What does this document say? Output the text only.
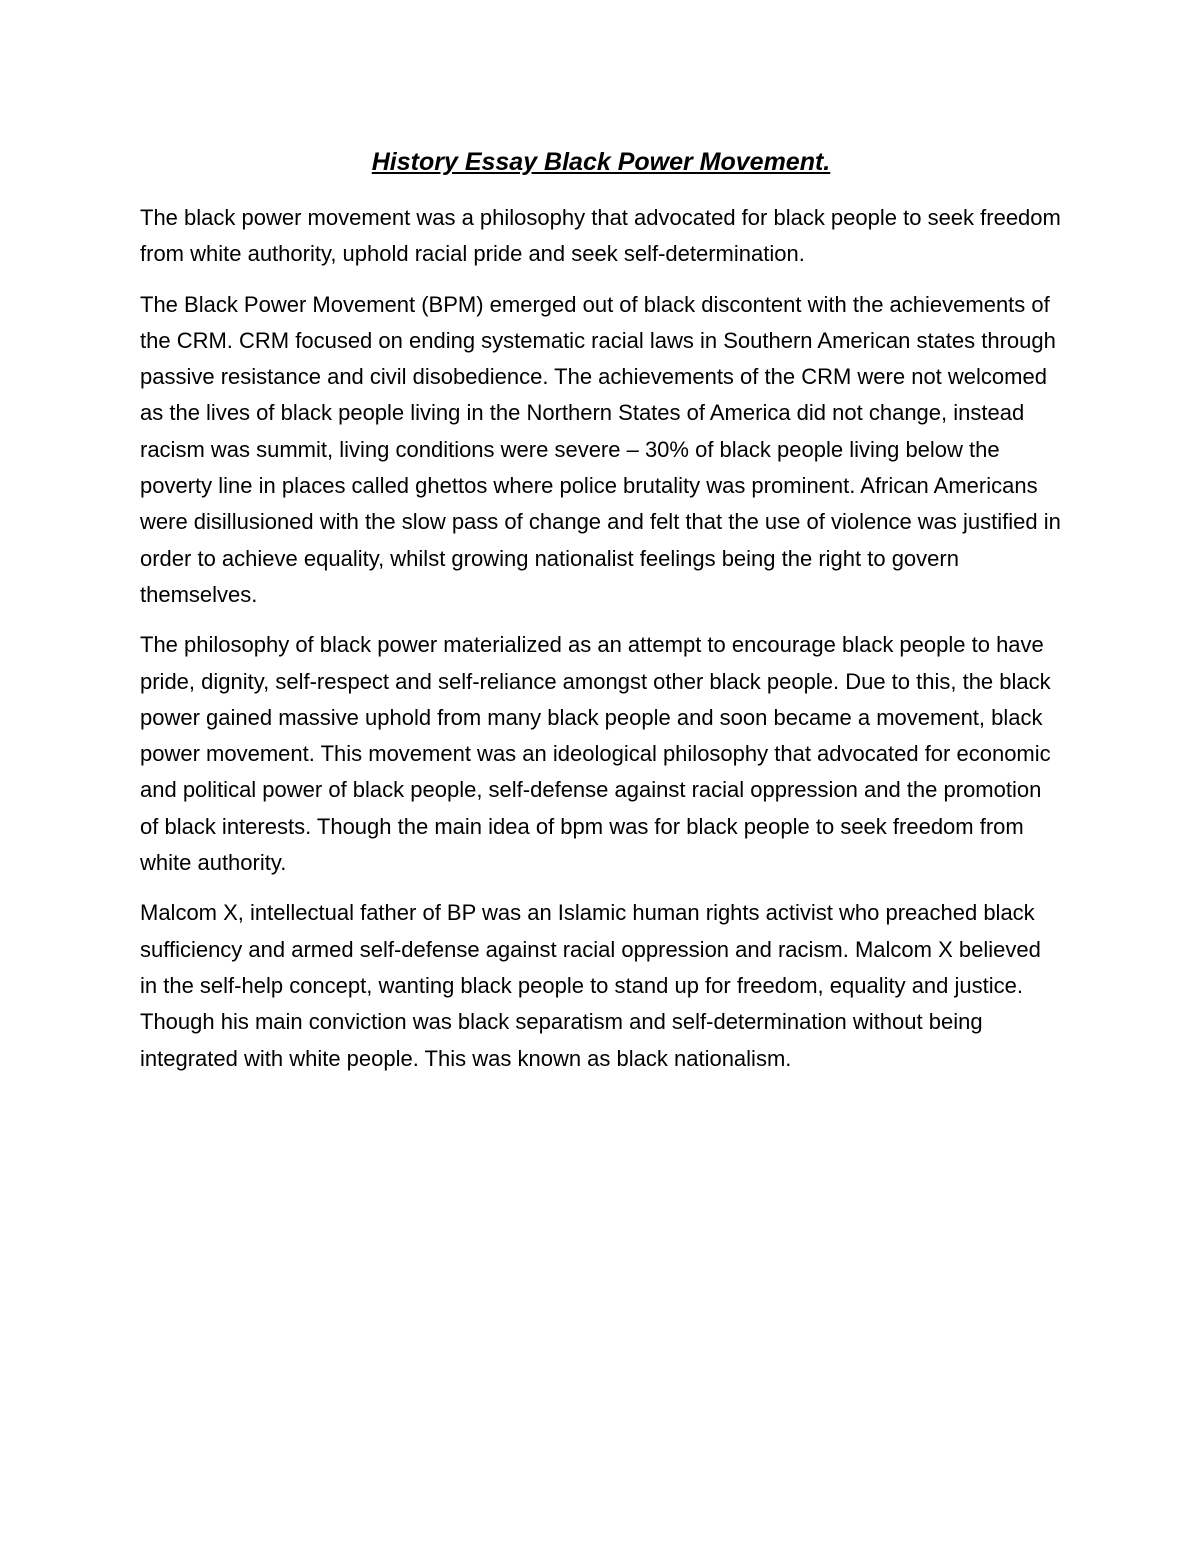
History Essay Black Power Movement.

The black power movement was a philosophy that advocated for black people to seek freedom from white authority, uphold racial pride and seek self-determination.

The Black Power Movement (BPM) emerged out of black discontent with the achievements of the CRM. CRM focused on ending systematic racial laws in Southern American states through passive resistance and civil disobedience. The achievements of the CRM were not welcomed as the lives of black people living in the Northern States of America did not change, instead racism was summit, living conditions were severe – 30% of black people living below the poverty line in places called ghettos where police brutality was prominent. African Americans were disillusioned with the slow pass of change and felt that the use of violence was justified in order to achieve equality, whilst growing nationalist feelings being the right to govern themselves.

The philosophy of black power materialized as an attempt to encourage black people to have pride, dignity, self-respect and self-reliance amongst other black people. Due to this, the black power gained massive uphold from many black people and soon became a movement, black power movement. This movement was an ideological philosophy that advocated for economic and political power of black people, self-defense against racial oppression and the promotion of black interests. Though the main idea of bpm was for black people to seek freedom from white authority.

Malcom X, intellectual father of BP was an Islamic human rights activist who preached black sufficiency and armed self-defense against racial oppression and racism. Malcom X believed in the self-help concept, wanting black people to stand up for freedom, equality and justice. Though his main conviction was black separatism and self-determination without being integrated with white people. This was known as black nationalism.
